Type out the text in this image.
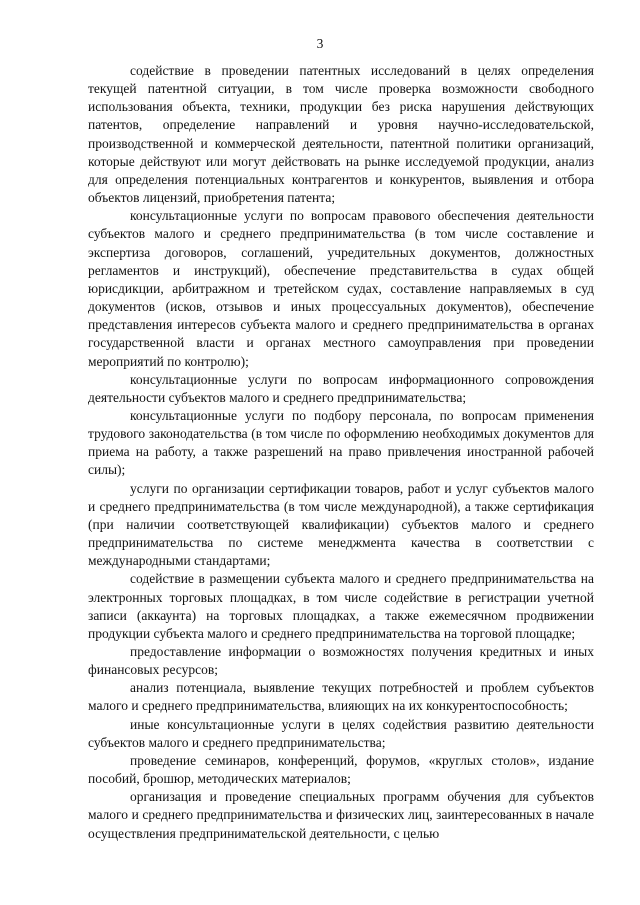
3

содействие в проведении патентных исследований в целях определения текущей патентной ситуации, в том числе проверка возможности свободного использования объекта, техники, продукции без риска нарушения действующих патентов, определение направлений и уровня научно-исследовательской, производственной и коммерческой деятельности, патентной политики организаций, которые действуют или могут действовать на рынке исследуемой продукции, анализ для определения потенциальных контрагентов и конкурентов, выявления и отбора объектов лицензий, приобретения патента;

консультационные услуги по вопросам правового обеспечения деятельности субъектов малого и среднего предпринимательства (в том числе составление и экспертиза договоров, соглашений, учредительных документов, должностных регламентов и инструкций), обеспечение представительства в судах общей юрисдикции, арбитражном и третейском судах, составление направляемых в суд документов (исков, отзывов и иных процессуальных документов), обеспечение представления интересов субъекта малого и среднего предпринимательства в органах государственной власти и органах местного самоуправления при проведении мероприятий по контролю);

консультационные услуги по вопросам информационного сопровождения деятельности субъектов малого и среднего предпринимательства;

консультационные услуги по подбору персонала, по вопросам применения трудового законодательства (в том числе по оформлению необходимых документов для приема на работу, а также разрешений на право привлечения иностранной рабочей силы);

услуги по организации сертификации товаров, работ и услуг субъектов малого и среднего предпринимательства (в том числе международной), а также сертификация (при наличии соответствующей квалификации) субъектов малого и среднего предпринимательства по системе менеджмента качества в соответствии с международными стандартами;

содействие в размещении субъекта малого и среднего предпринимательства на электронных торговых площадках, в том числе содействие в регистрации учетной записи (аккаунта) на торговых площадках, а также ежемесячном продвижении продукции субъекта малого и среднего предпринимательства на торговой площадке;

предоставление информации о возможностях получения кредитных и иных финансовых ресурсов;

анализ потенциала, выявление текущих потребностей и проблем субъектов малого и среднего предпринимательства, влияющих на их конкурентоспособность;

иные консультационные услуги в целях содействия развитию деятельности субъектов малого и среднего предпринимательства;

проведение семинаров, конференций, форумов, «круглых столов», издание пособий, брошюр, методических материалов;

организация и проведение специальных программ обучения для субъектов малого и среднего предпринимательства и физических лиц, заинтересованных в начале осуществления предпринимательской деятельности, с целью
